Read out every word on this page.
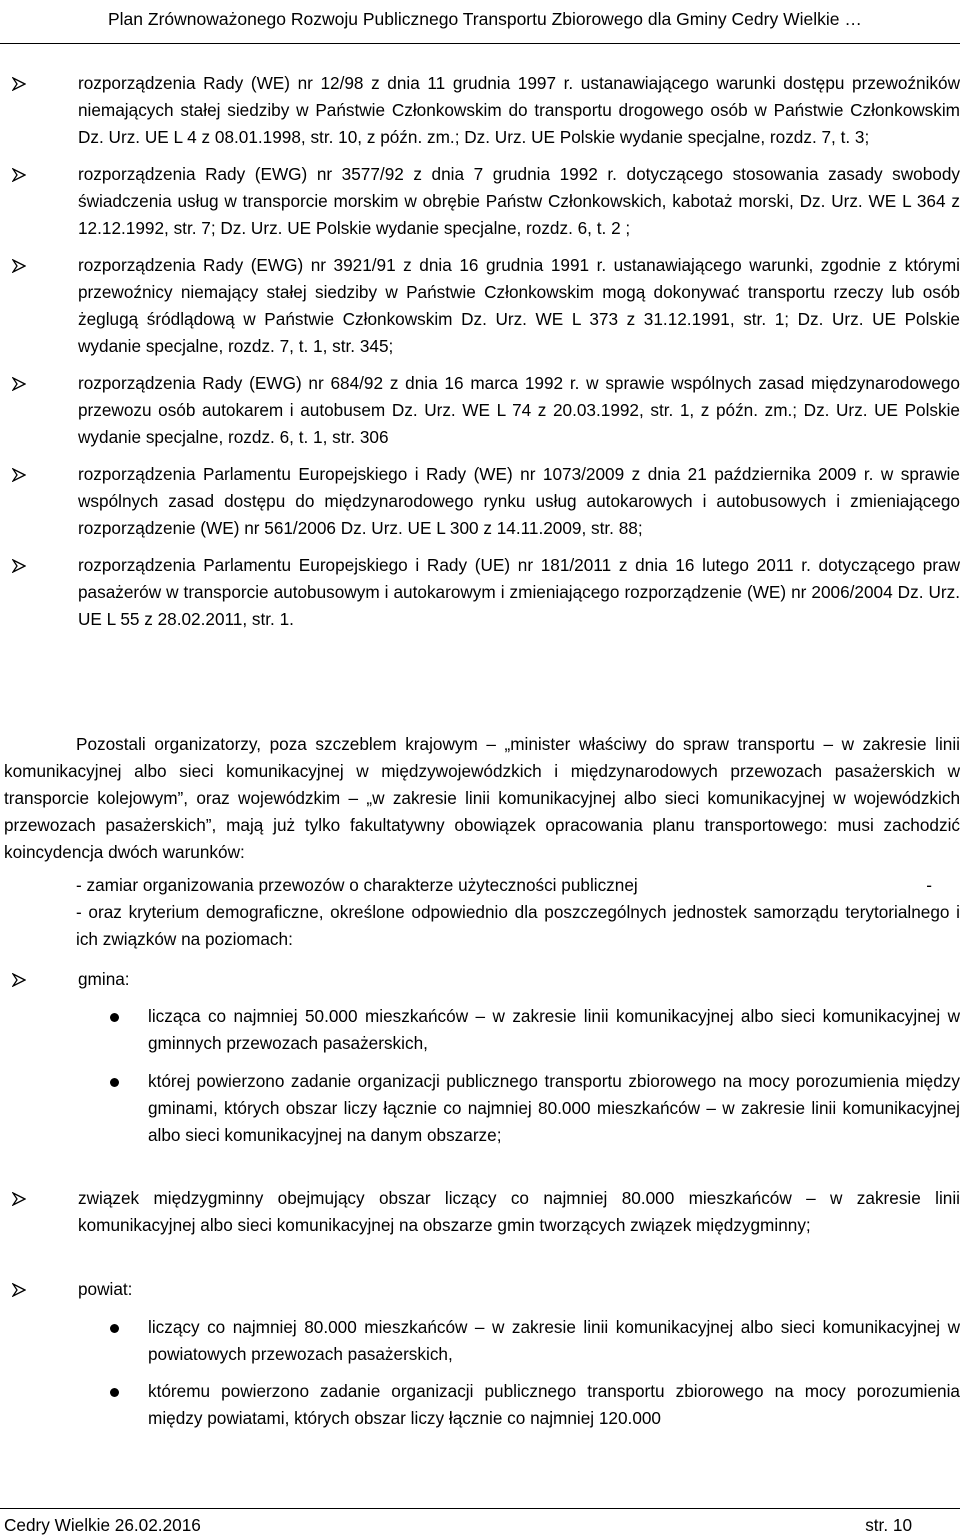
Plan Zrównoważonego Rozwoju Publicznego Transportu Zbiorowego dla Gminy Cedry Wielkie …
rozporządzenia Rady (WE) nr 12/98 z dnia 11 grudnia 1997 r. ustanawiającego warunki dostępu przewoźników niemających stałej siedziby w Państwie Członkowskim do transportu drogowego osób w Państwie Członkowskim Dz. Urz. UE L 4 z 08.01.1998, str. 10, z późn. zm.; Dz. Urz. UE Polskie wydanie specjalne, rozdz. 7, t. 3;
rozporządzenia Rady (EWG) nr 3577/92 z dnia 7 grudnia 1992 r. dotyczącego stosowania zasady swobody świadczenia usług w transporcie morskim w obrębie Państw Członkowskich, kabotaż morski, Dz. Urz. WE L 364 z 12.12.1992, str. 7; Dz. Urz. UE Polskie wydanie specjalne, rozdz. 6, t. 2 ;
rozporządzenia Rady (EWG) nr 3921/91 z dnia 16 grudnia 1991 r. ustanawiającego warunki, zgodnie z którymi przewoźnicy niemający stałej siedziby w Państwie Członkowskim mogą dokonywać transportu rzeczy lub osób żeglugą śródlądową w Państwie Członkowskim Dz. Urz. WE L 373 z 31.12.1991, str. 1; Dz. Urz. UE Polskie wydanie specjalne, rozdz. 7, t. 1, str. 345;
rozporządzenia Rady (EWG) nr 684/92 z dnia 16 marca 1992 r. w sprawie wspólnych zasad międzynarodowego przewozu osób autokarem i autobusem Dz. Urz. WE L 74 z 20.03.1992, str. 1, z późn. zm.; Dz. Urz. UE Polskie wydanie specjalne, rozdz. 6, t. 1, str. 306
rozporządzenia Parlamentu Europejskiego i Rady (WE) nr 1073/2009 z dnia 21 października 2009 r. w sprawie wspólnych zasad dostępu do międzynarodowego rynku usług autokarowych i autobusowych i zmieniającego rozporządzenie (WE) nr 561/2006 Dz. Urz. UE L 300 z 14.11.2009, str. 88;
rozporządzenia Parlamentu Europejskiego i Rady (UE) nr 181/2011 z dnia 16 lutego 2011 r. dotyczącego praw pasażerów w transporcie autobusowym i autokarowym i zmieniającego rozporządzenie (WE) nr 2006/2004 Dz. Urz. UE L 55 z 28.02.2011, str. 1.
Pozostali organizatorzy, poza szczeblem krajowym – „minister właściwy do spraw transportu – w zakresie linii komunikacyjnej albo sieci komunikacyjnej w międzywojewódzkich i międzynarodowych przewozach pasażerskich w transporcie kolejowym”, oraz wojewódzkim – „w zakresie linii komunikacyjnej albo sieci komunikacyjnej w wojewódzkich przewozach pasażerskich”, mają już tylko fakultatywny obowiązek opracowania planu transportowego: musi zachodzić koincydencja dwóch warunków:
- zamiar organizowania przewozów o charakterze użyteczności publicznej	-
- oraz kryterium demograficzne, określone odpowiednio dla poszczególnych jednostek samorządu terytorialnego i ich związków na poziomach:
gmina:
licząca co najmniej 50.000 mieszkańców – w zakresie linii komunikacyjnej albo sieci komunikacyjnej w gminnych przewozach pasażerskich,
której powierzono zadanie organizacji publicznego transportu zbiorowego na mocy porozumienia między gminami, których obszar liczy łącznie co najmniej 80.000 mieszkańców – w zakresie linii komunikacyjnej albo sieci komunikacyjnej na danym obszarze;
związek międzygminny obejmujący obszar liczący co najmniej 80.000 mieszkańców – w zakresie linii komunikacyjnej albo sieci komunikacyjnej na obszarze gmin tworzących związek międzygminny;
powiat:
liczący co najmniej 80.000 mieszkańców – w zakresie linii komunikacyjnej albo sieci komunikacyjnej w powiatowych przewozach pasażerskich,
któremu powierzono zadanie organizacji publicznego transportu zbiorowego na mocy porozumienia między powiatami, których obszar liczy łącznie co najmniej 120.000
Cedry Wielkie 26.02.2016	str. 10
